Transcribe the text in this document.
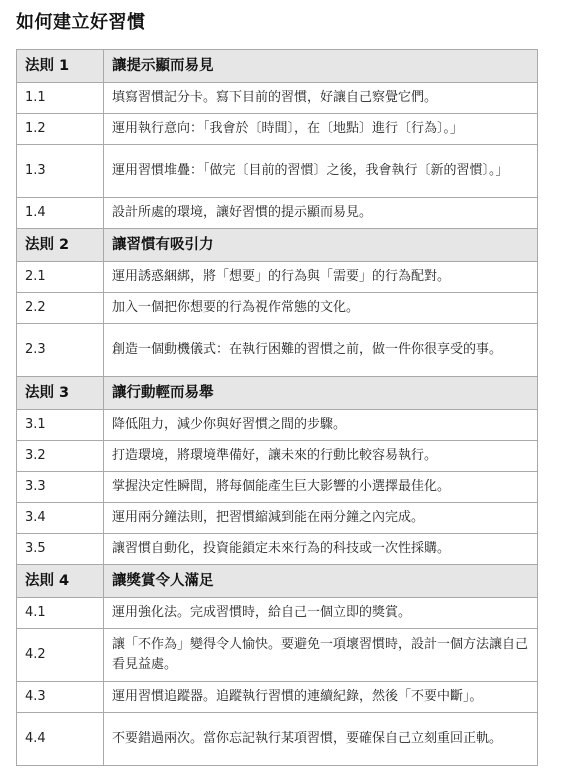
如何建立好習慣
法則 1	讓提示顯而易見
1.1	填寫習慣記分卡。寫下目前的習慣，好讓自己察覺它們。
1.2	運用執行意向：「我會於〔時間〕，在〔地點〕進行〔行為〕。」
1.3	運用習慣堆疊：「做完〔目前的習慣〕之後，我會執行〔新的習慣〕。」
1.4	設計所處的環境，讓好習慣的提示顯而易見。
法則 2	讓習慣有吸引力
2.1	運用誘惑綑綁，將「想要」的行為與「需要」的行為配對。
2.2	加入一個把你想要的行為視作常態的文化。
2.3	創造一個動機儀式：在執行困難的習慣之前，做一件你很享受的事。
法則 3	讓行動輕而易舉
3.1	降低阻力，減少你與好習慣之間的步驟。
3.2	打造環境，將環境準備好，讓未來的行動比較容易執行。
3.3	掌握決定性瞬間，將每個能產生巨大影響的小選擇最佳化。
3.4	運用兩分鐘法則，把習慣縮減到能在兩分鐘之內完成。
3.5	讓習慣自動化，投資能鎖定未來行為的科技或一次性採購。
法則 4	讓獎賞令人滿足
4.1	運用強化法。完成習慣時，給自己一個立即的獎賞。
4.2	讓「不作為」變得令人愉快。要避免一項壞習慣時，設計一個方法讓自己看見益處。
4.3	運用習慣追蹤器。追蹤執行習慣的連續紀錄，然後「不要中斷」。
4.4	不要錯過兩次。當你忘記執行某項習慣，要確保自己立刻重回正軌。
